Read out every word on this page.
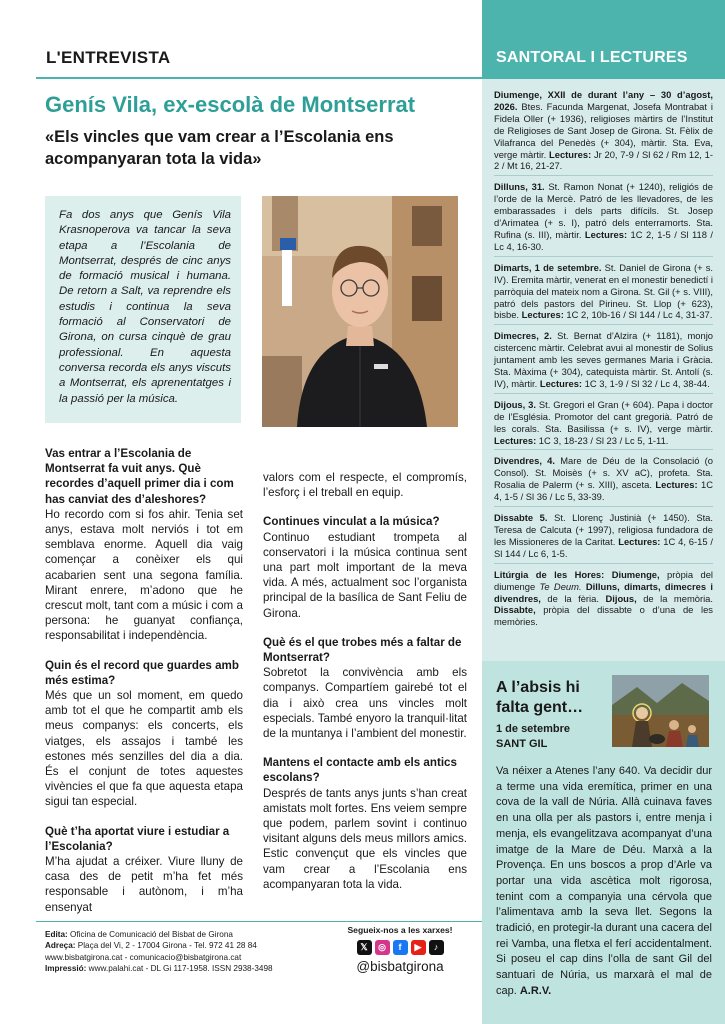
L'ENTREVISTA
Genís Vila, ex-escolà de Montserrat
«Els vincles que vam crear a l’Escolania ens acompanyaran tota la vida»

Fa dos anys que Genís Vila Krasnoperova va tancar la seva etapa a l’Escolania de Montserrat, després de cinc anys de formació musical i humana. De retorn a Salt, va reprendre els estudis i continua la seva formació al Conservatori de Girona, on cursa cinquè de grau professional. En aquesta conversa recorda els anys viscuts a Montserrat, els aprenentatges i la passió per la música.

Vas entrar a l’Escolania de Montserrat fa vuit anys. Què recordes d’aquell primer dia i com has canviat des d’aleshores?

Ho recordo com si fos ahir. Tenia set anys, estava molt nerviós i tot em semblava enorme. Aquell dia vaig començar a conèixer els qui acabarien sent una segona família. Mirant enrere, m’adono que he crescut molt, tant com a músic i com a persona: he guanyat confiança, responsabilitat i independència.

Quin és el record que guardes amb més estima?

Més que un sol moment, em quedo amb tot el que he compartit amb els meus companys: els concerts, els viatges, els assajos i també les estones més senzilles del dia a dia. És el conjunt de totes aquestes vivències el que fa que aquesta etapa sigui tan especial.

Què t’ha aportat viure i estudiar a l’Escolania?

M’ha ajudat a créixer. Viure lluny de casa des de petit m’ha fet més responsable i autònom, i m’ha ensenyat

valors com el respecte, el compromís, l’esforç i el treball en equip.

Continues vinculat a la música?

Continuo estudiant trompeta al conservatori i la música continua sent una part molt important de la meva vida. A més, actualment soc l’organista principal de la basílica de Sant Feliu de Girona.

Què és el que trobes més a faltar de Montserrat?

Sobretot la convivència amb els companys. Compartíem gairebé tot el dia i això crea uns vincles molt especials. També enyoro la tranquil·litat de la muntanya i l’ambient del monestir.

Mantens el contacte amb els antics escolans?

Després de tants anys junts s’han creat amistats molt fortes. Ens veiem sempre que podem, parlem sovint i continuo visitant alguns dels meus millors amics. Estic convençut que els vincles que vam crear a l’Escolania ens acompanyaran tota la vida.

Edita: Oficina de Comunicació del Bisbat de Girona
Adreça: Plaça del Vi, 2 - 17004 Girona - Tel. 972 41 28 84
www.bisbatgirona.cat - comunicacio@bisbatgirona.cat
Impressió: www.palahi.cat - DL Gi 117-1958. ISSN 2938-3498
Segueix-nos a les xarxes!
𝕏	◎	f	▶	♪
@bisbatgirona
SANTORAL I LECTURES

Diumenge, XXII de durant l’any – 30 d’agost, 2026. Btes. Facunda Margenat, Josefa Montrabat i Fidela Oller (+ 1936), religioses màrtirs de l’Institut de Religioses de Sant Josep de Girona. St. Fèlix de Vilafranca del Penedès (+ 304), màrtir. Sta. Eva, verge màrtir. Lectures: Jr 20, 7-9 / Sl 62 / Rm 12, 1-2 / Mt 16, 21-27.

Dilluns, 31. St. Ramon Nonat (+ 1240), religiós de l’orde de la Mercè. Patró de les llevadores, de les embarassades i dels parts difícils. St. Josep d’Arimatea (+ s. I), patró dels enterramorts. Sta. Rufina (s. III), màrtir. Lectures: 1C 2, 1-5 / Sl 118 / Lc 4, 16-30.

Dimarts, 1 de setembre. St. Daniel de Girona (+ s. IV). Eremita màrtir, venerat en el monestir benedictí i parròquia del mateix nom a Girona. St. Gil (+ s. VIII), patró dels pastors del Pirineu. St. Llop (+ 623), bisbe. Lectures: 1C 2, 10b-16 / Sl 144 / Lc 4, 31-37.

Dimecres, 2. St. Bernat d’Alzira (+ 1181), monjo cistercenc màrtir. Celebrat avui al monestir de Solius juntament amb les seves germanes Maria i Gràcia. Sta. Màxima (+ 304), catequista màrtir. St. Antolí (s. IV), màrtir. Lectures: 1C 3, 1-9 / Sl 32 / Lc 4, 38-44.

Dijous, 3. St. Gregori el Gran (+ 604). Papa i doctor de l’Església. Promotor del cant gregorià. Patró de les corals. Sta. Basilissa (+ s. IV), verge màrtir. Lectures: 1C 3, 18-23 / Sl 23 / Lc 5, 1-11.

Divendres, 4. Mare de Déu de la Consolació (o Consol). St. Moisès (+ s. XV aC), profeta. Sta. Rosalia de Palerm (+ s. XIII), asceta. Lectures: 1C 4, 1-5 / Sl 36 / Lc 5, 33-39.

Dissabte 5. St. Llorenç Justinià (+ 1450). Sta. Teresa de Calcuta (+ 1997), religiosa fundadora de les Missioneres de la Caritat. Lectures: 1C 4, 6-15 / Sl 144 / Lc 6, 1-5.

Litúrgia de les Hores: Diumenge, pròpia del diumenge Te Deum. Dilluns, dimarts, dimecres i divendres, de la fèria. Dijous, de la memòria. Dissabte, pròpia del dissabte o d’una de les memòries.

A l’absis hi falta gent…
1 de setembre
SANT GIL
Va néixer a Atenes l’any 640. Va decidir dur a terme una vida eremítica, primer en una cova de la vall de Núria. Allà cuinava faves en una olla per als pastors i, entre menja i menja, els evangelitzava acompanyat d’una imatge de la Mare de Déu. Marxà a la Provença. En uns boscos a prop d’Arle va portar una vida ascètica molt rigorosa, tenint com a companyia una cérvola que l’alimentava amb la seva llet. Segons la tradició, en protegir-la durant una cacera del rei Vamba, una fletxa el ferí accidentalment. Si poseu el cap dins l’olla de sant Gil del santuari de Núria, us marxarà el mal de cap. A.R.V.
